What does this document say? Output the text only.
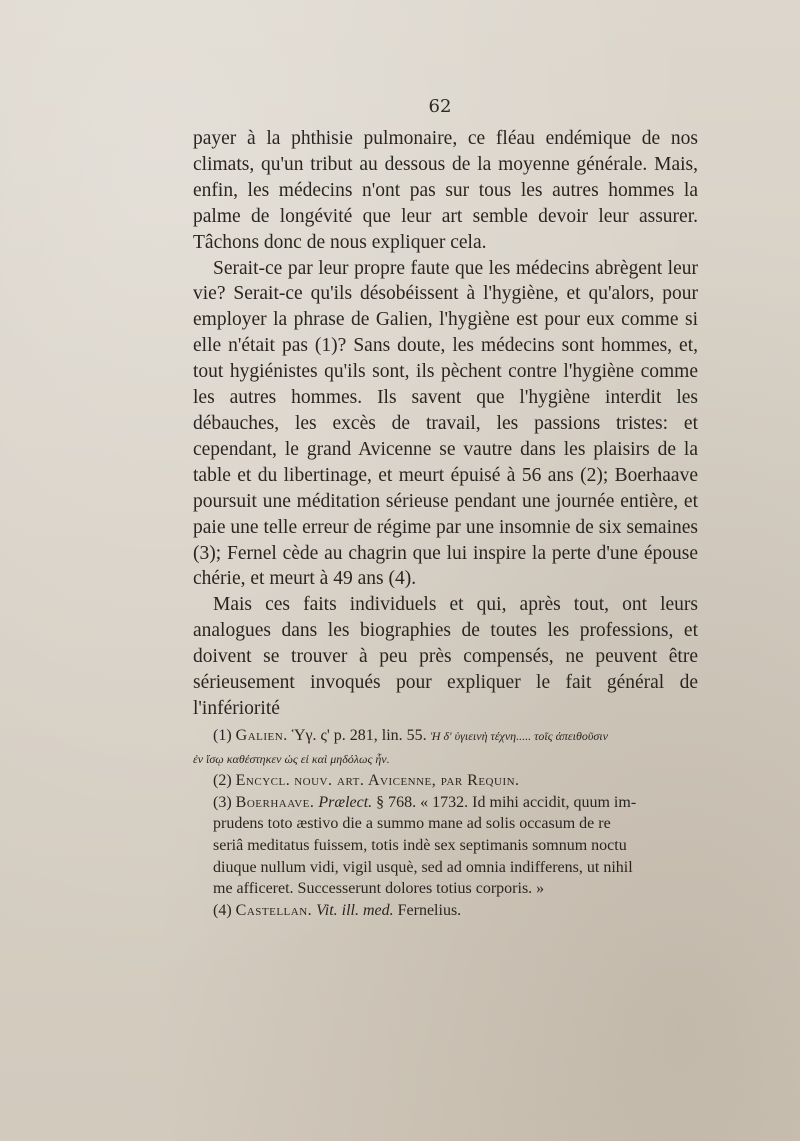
62

payer à la phthisie pulmonaire, ce fléau endémique de nos climats, qu'un tribut au dessous de la moyenne générale. Mais, enfin, les médecins n'ont pas sur tous les autres hommes la palme de longévité que leur art semble devoir leur assurer. Tâchons donc de nous expliquer cela.

Serait-ce par leur propre faute que les médecins abrègent leur vie? Serait-ce qu'ils désobéissent à l'hygiène, et qu'alors, pour employer la phrase de Galien, l'hygiène est pour eux comme si elle n'était pas (1)? Sans doute, les médecins sont hommes, et, tout hygiénistes qu'ils sont, ils pèchent contre l'hygiène comme les autres hommes. Ils savent que l'hygiène interdit les débauches, les excès de travail, les passions tristes: et cependant, le grand Avicenne se vautre dans les plaisirs de la table et du libertinage, et meurt épuisé à 56 ans (2); Boerhaave poursuit une méditation sérieuse pendant une journée entière, et paie une telle erreur de régime par une insomnie de six semaines (3); Fernel cède au chagrin que lui inspire la perte d'une épouse chérie, et meurt à 49 ans (4).

Mais ces faits individuels et qui, après tout, ont leurs analogues dans les biographies de toutes les professions, et doivent se trouver à peu près compensés, ne peuvent être sérieusement invoqués pour expliquer le fait général de l'infériorité

(1) Galien. Ὑγ. ς' p. 281, lin. 55. Ἡ δ' ὑγιεινὴ τέχνη..... τοῖς ἀπειθοῦσιν

ἐν ἴσῳ καθέστηκεν ὡς εἰ καὶ μηδόλως ἦν.

(2) Encycl. nouv. art. Avicenne, par Requin.

(3) Boerhaave. Prælect. § 768. « 1732. Id mihi accidit, quum im-

prudens toto æstivo die a summo mane ad solis occasum de re

seriâ meditatus fuissem, totis indè sex septimanis somnum noctu

diuque nullum vidi, vigil usquè, sed ad omnia indifferens, ut nihil

me afficeret. Successerunt dolores totius corporis. »

(4) Castellan. Vit. ill. med. Fernelius.
